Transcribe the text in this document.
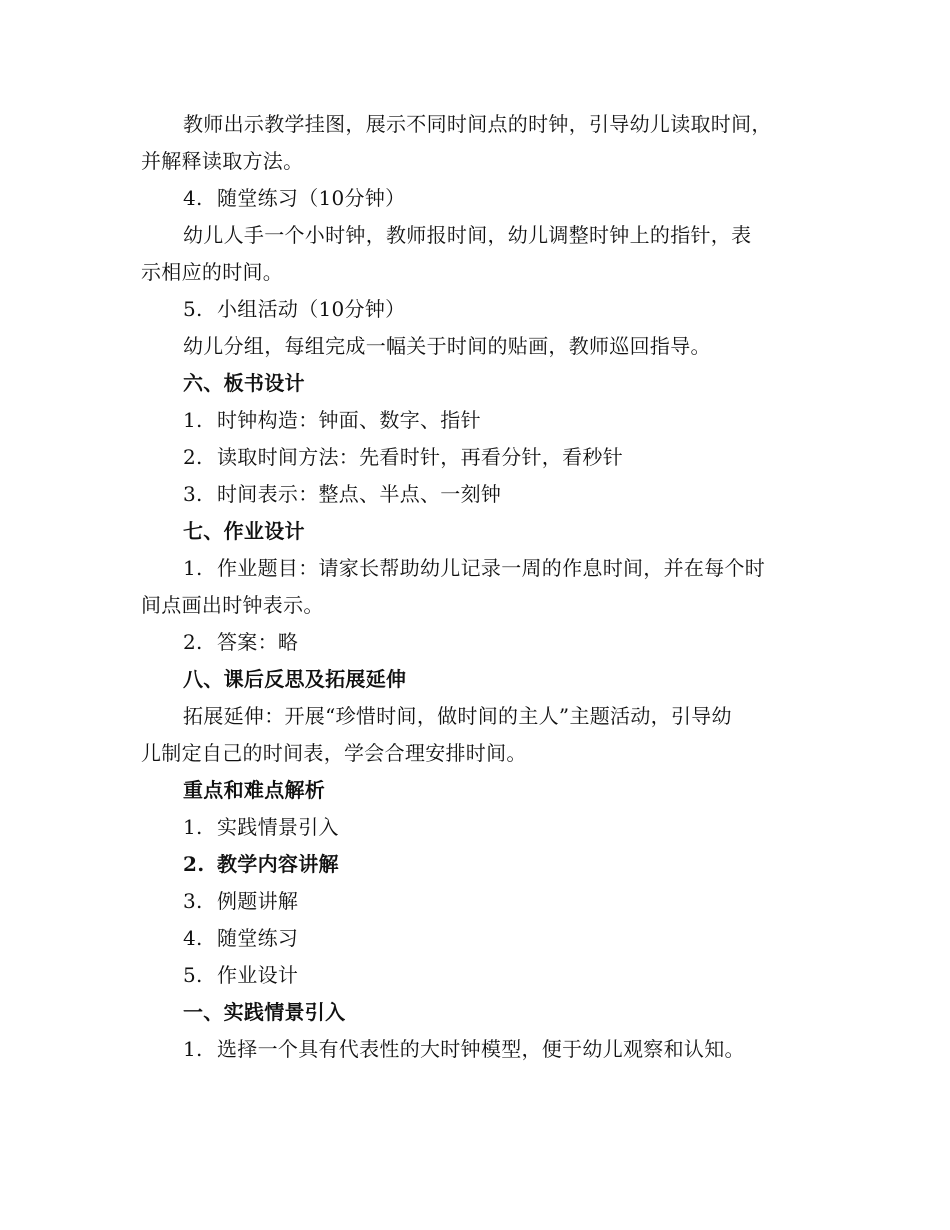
教师出示教学挂图，展示不同时间点的时钟，引导幼儿读取时间，
并解释读取方法。
4. 随堂练习（10分钟）
幼儿人手一个小时钟，教师报时间，幼儿调整时钟上的指针，表
示相应的时间。
5. 小组活动（10分钟）
幼儿分组，每组完成一幅关于时间的贴画，教师巡回指导。
六、板书设计
1. 时钟构造：钟面、数字、指针
2. 读取时间方法：先看时针，再看分针，看秒针
3. 时间表示：整点、半点、一刻钟
七、作业设计
1. 作业题目：请家长帮助幼儿记录一周的作息时间，并在每个时
间点画出时钟表示。
2. 答案：略
八、课后反思及拓展延伸
拓展延伸：开展“珍惜时间，做时间的主人”主题活动，引导幼
儿制定自己的时间表，学会合理安排时间。
重点和难点解析
1. 实践情景引入
2. 教学内容讲解
3. 例题讲解
4. 随堂练习
5. 作业设计
一、实践情景引入
1. 选择一个具有代表性的大时钟模型，便于幼儿观察和认知。
